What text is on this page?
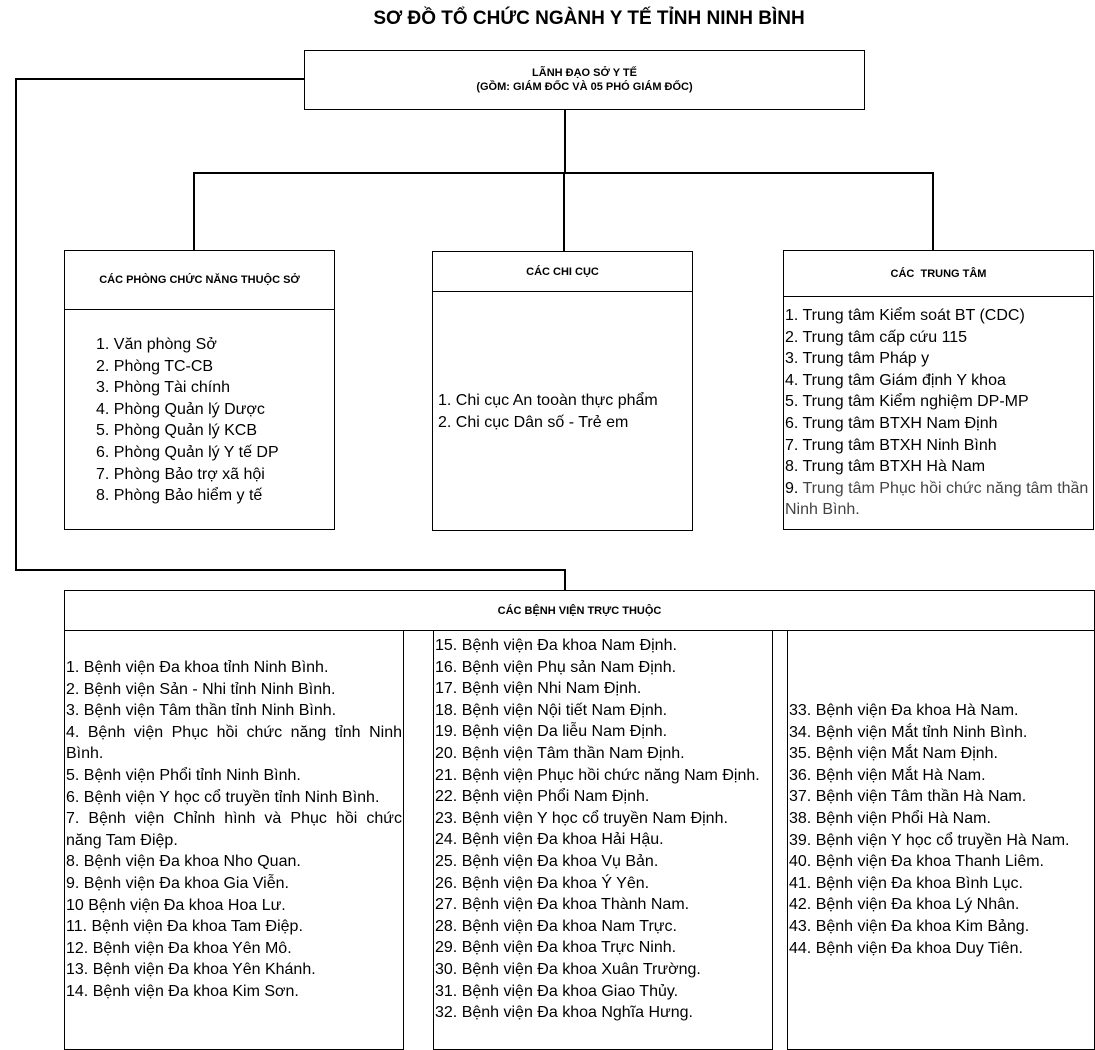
SƠ ĐỒ TỔ CHỨC NGÀNH Y TẾ TỈNH NINH BÌNH
LÃNH ĐẠO SỞ Y TẾ
(GỒM: GIÁM ĐỐC VÀ 05 PHÓ GIÁM ĐỐC)
CÁC PHÒNG CHỨC NĂNG THUỘC SỞ
1. Văn phòng Sở
2. Phòng TC-CB
3. Phòng Tài chính
4. Phòng Quản lý Dược
5. Phòng Quản lý KCB
6. Phòng Quản lý Y tế DP
7. Phòng Bảo trợ xã hội
8. Phòng Bảo hiểm y tế
CÁC CHI CỤC
1. Chi cục An tooàn thực phẩm
2. Chi cục Dân số - Trẻ em
CÁC  TRUNG TÂM
1. Trung tâm Kiểm soát BT (CDC)
2. Trung tâm cấp cứu 115
3. Trung tâm Pháp y
4. Trung tâm Giám định Y khoa
5. Trung tâm Kiểm nghiệm DP-MP
6. Trung tâm BTXH Nam Định
7. Trung tâm BTXH Ninh Bình
8. Trung tâm BTXH Hà Nam
9. Trung tâm Phục hồi chức năng tâm thần Ninh Bình.
CÁC BỆNH VIỆN TRỰC THUỘC
1. Bệnh viện Đa khoa tỉnh Ninh Bình.
2. Bệnh viện Sản - Nhi tỉnh Ninh Bình.
3. Bệnh viện Tâm thần tỉnh Ninh Bình.
4. Bệnh viện Phục hồi chức năng tỉnh Ninh Bình.
5. Bệnh viện Phổi tỉnh Ninh Bình.
6. Bệnh viện Y học cổ truyền tỉnh Ninh Bình.
7. Bệnh viện Chỉnh hình và Phục hồi chức năng Tam Điệp.
8. Bệnh viện Đa khoa Nho Quan.
9. Bệnh viện Đa khoa Gia Viễn.
10 Bệnh viện Đa khoa Hoa Lư.
11. Bệnh viện Đa khoa Tam Điệp.
12. Bệnh viện Đa khoa Yên Mô.
13. Bệnh viện Đa khoa Yên Khánh.
14. Bệnh viện Đa khoa Kim Sơn.
15. Bệnh viện Đa khoa Nam Định.
16. Bệnh viện Phụ sản Nam Định.
17. Bệnh viện Nhi Nam Định.
18. Bệnh viện Nội tiết Nam Định.
19. Bệnh viện Da liễu Nam Định.
20. Bệnh viện Tâm thần Nam Định.
21. Bệnh viện Phục hồi chức năng Nam Định.
22. Bệnh viện Phổi Nam Định.
23. Bệnh viện Y học cổ truyền Nam Định.
24. Bệnh viện Đa khoa Hải Hậu.
25. Bệnh viện Đa khoa Vụ Bản.
26. Bệnh viện Đa khoa Ý Yên.
27. Bệnh viện Đa khoa Thành Nam.
28. Bệnh viện Đa khoa Nam Trực.
29. Bệnh viện Đa khoa Trực Ninh.
30. Bệnh viện Đa khoa Xuân Trường.
31. Bệnh viện Đa khoa Giao Thủy.
32. Bệnh viện Đa khoa Nghĩa Hưng.
33. Bệnh viện Đa khoa Hà Nam.
34. Bệnh viện Mắt tỉnh Ninh Bình.
35. Bệnh viện Mắt Nam Định.
36. Bệnh viện Mắt Hà Nam.
37. Bệnh viện Tâm thần Hà Nam.
38. Bệnh viện Phổi Hà Nam.
39. Bệnh viện Y học cổ truyền Hà Nam.
40. Bệnh viện Đa khoa Thanh Liêm.
41. Bệnh viện Đa khoa Bình Lục.
42. Bệnh viện Đa khoa Lý Nhân.
43. Bệnh viện Đa khoa Kim Bảng.
44. Bệnh viện Đa khoa Duy Tiên.
